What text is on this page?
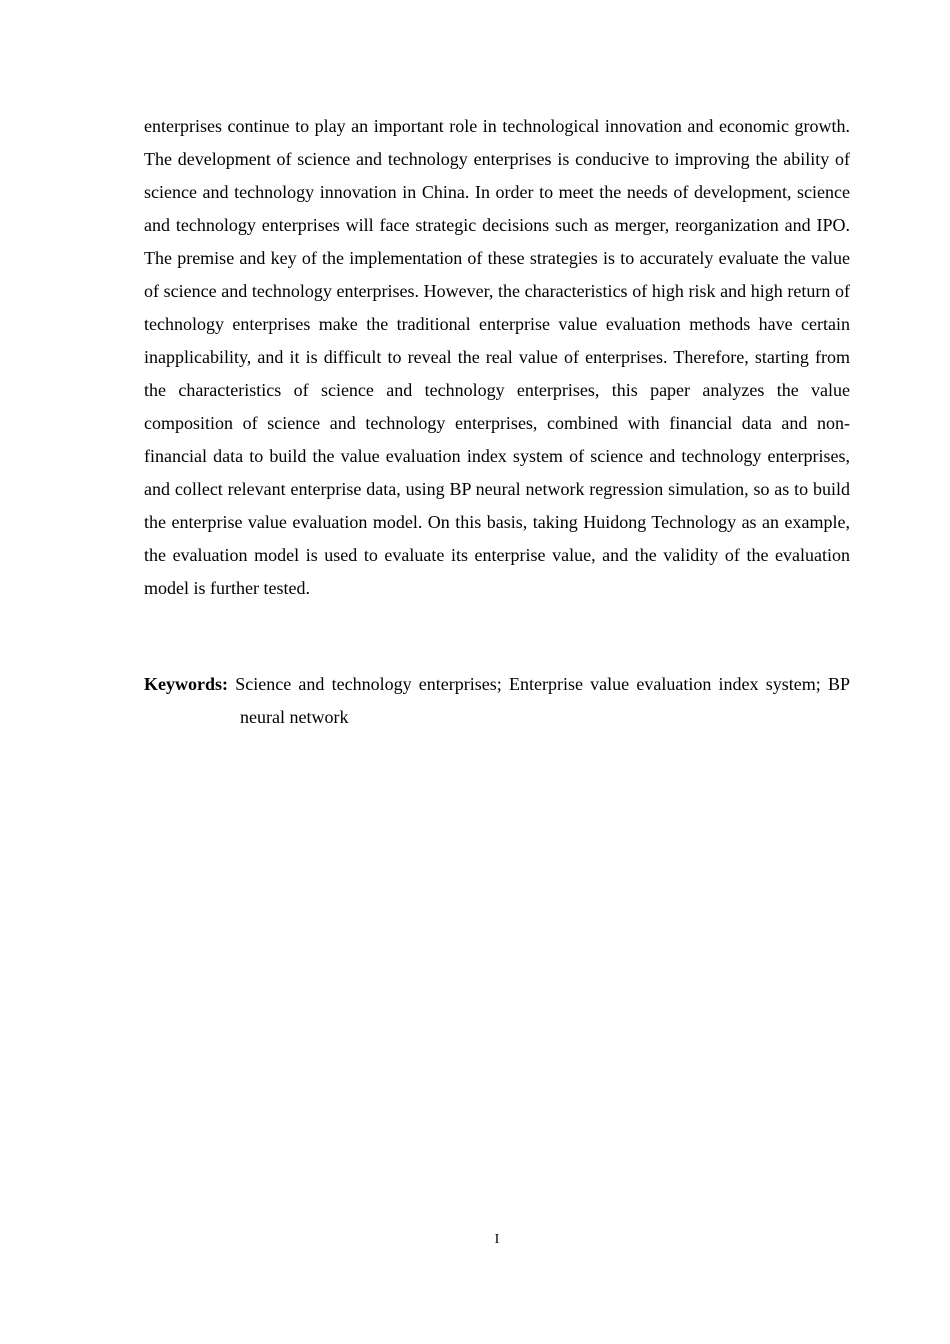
enterprises continue to play an important role in technological innovation and economic growth. The development of science and technology enterprises is conducive to improving the ability of science and technology innovation in China. In order to meet the needs of development, science and technology enterprises will face strategic decisions such as merger, reorganization and IPO. The premise and key of the implementation of these strategies is to accurately evaluate the value of science and technology enterprises. However, the characteristics of high risk and high return of technology enterprises make the traditional enterprise value evaluation methods have certain inapplicability, and it is difficult to reveal the real value of enterprises. Therefore, starting from the characteristics of science and technology enterprises, this paper analyzes the value composition of science and technology enterprises, combined with financial data and non-financial data to build the value evaluation index system of science and technology enterprises, and collect relevant enterprise data, using BP neural network regression simulation, so as to build the enterprise value evaluation model. On this basis, taking Huidong Technology as an example, the evaluation model is used to evaluate its enterprise value, and the validity of the evaluation model is further tested.

Keywords: Science and technology enterprises; Enterprise value evaluation index system; BP neural network
I
